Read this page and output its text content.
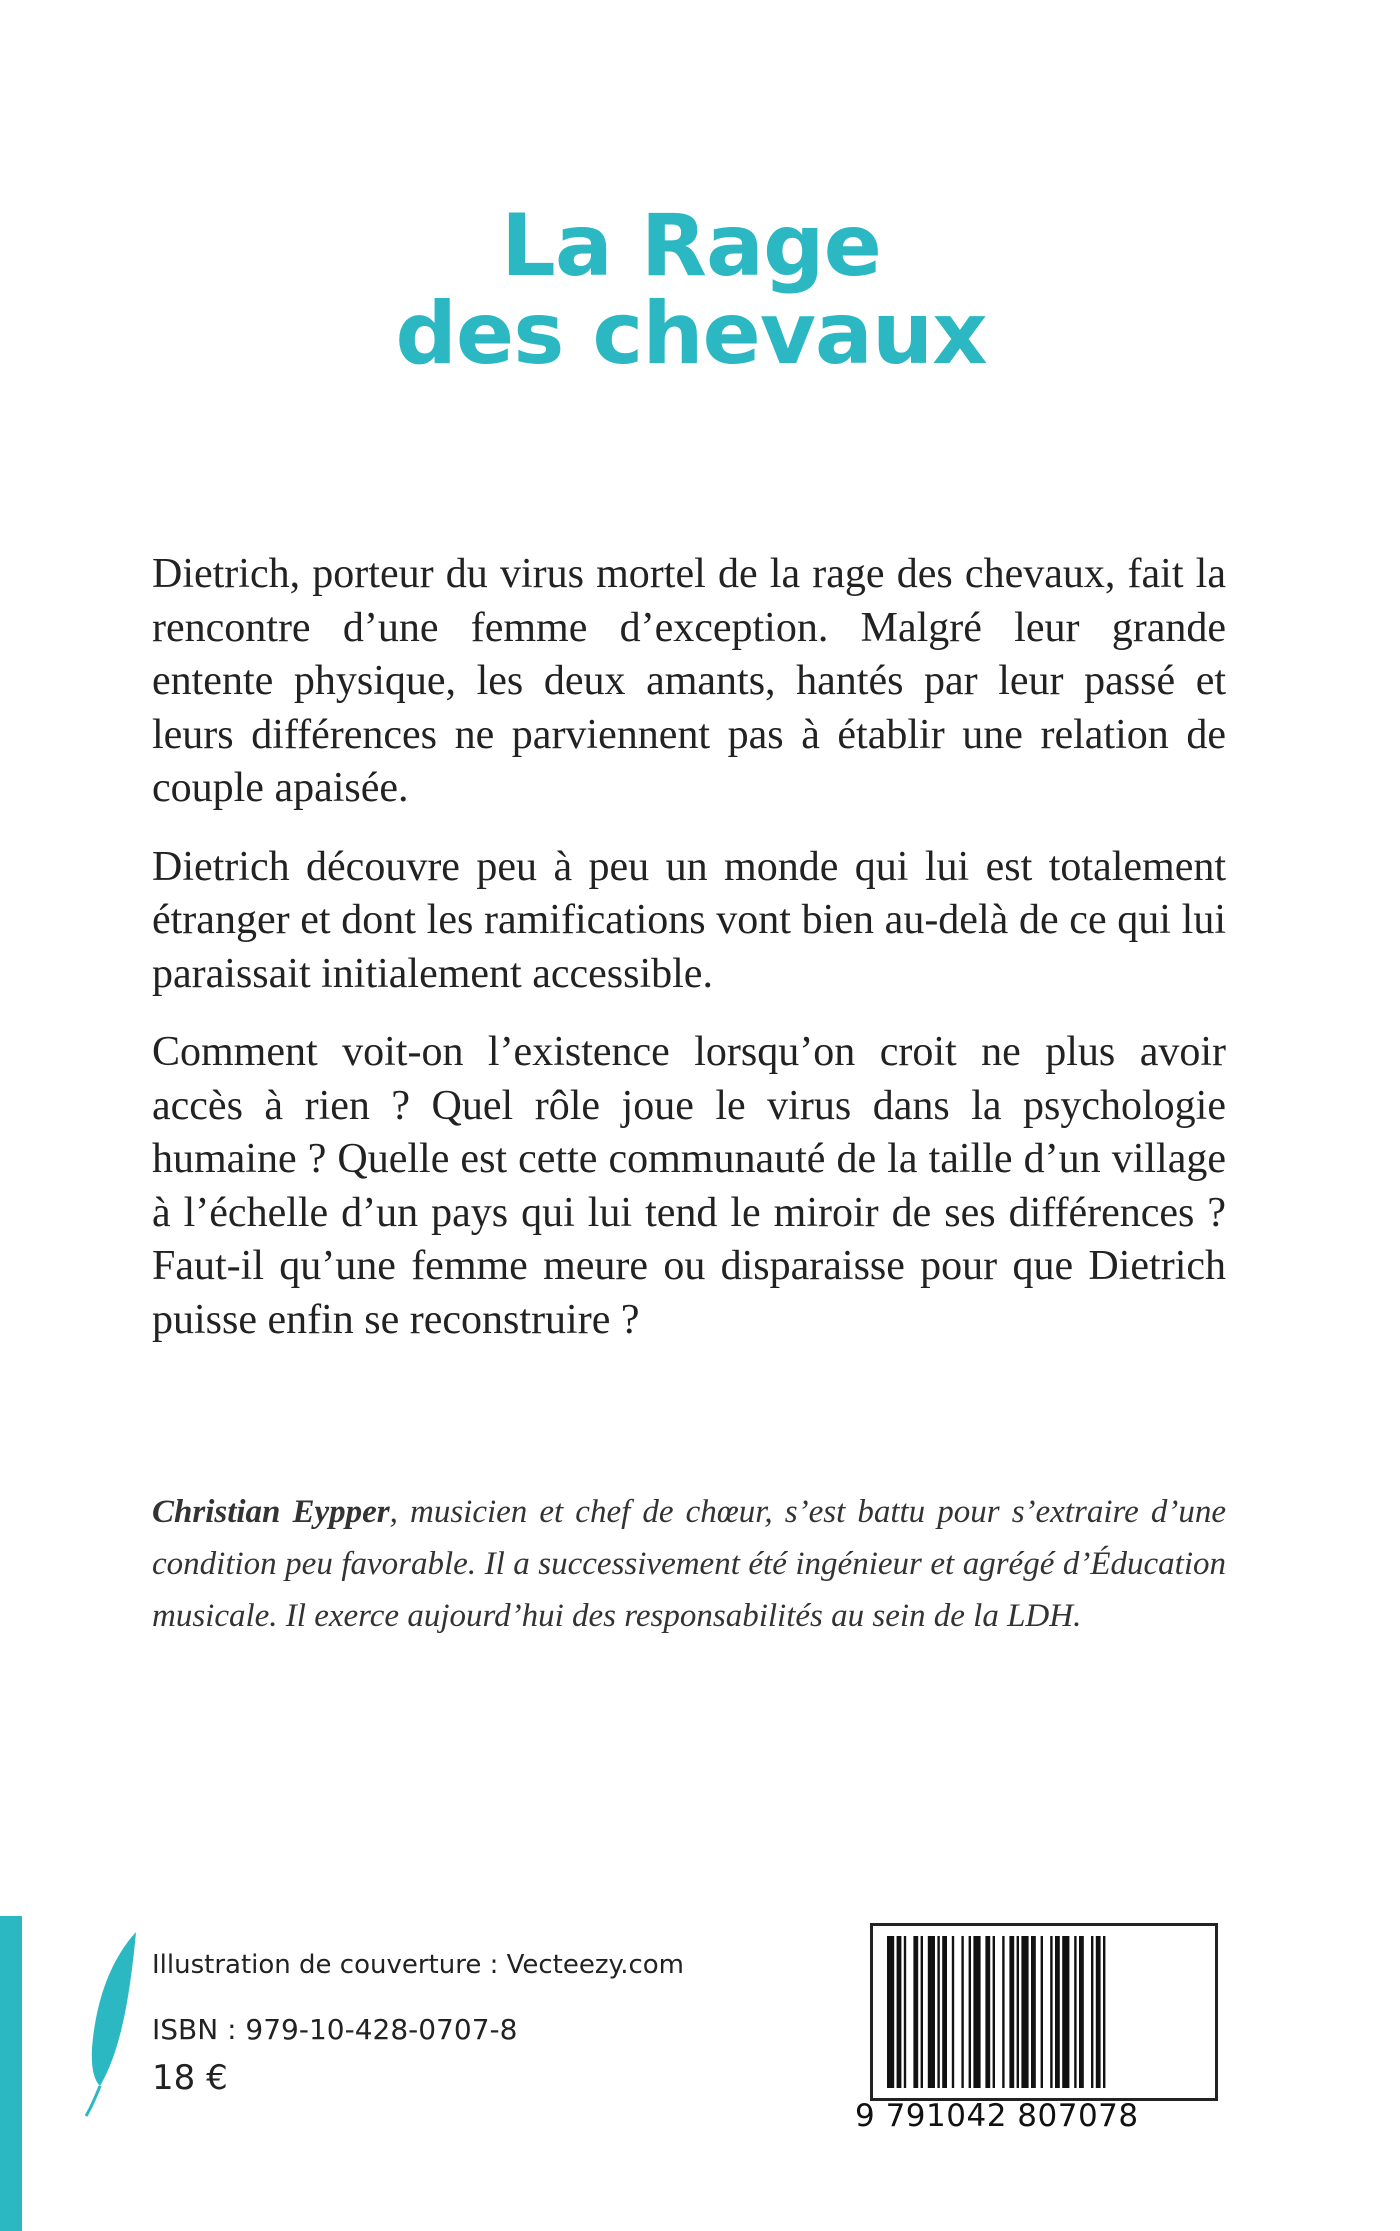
La Rage
des chevaux

Dietrich, porteur du virus mortel de la rage des chevaux, fait la rencontre d’une femme d’exception. Malgré leur grande entente physique, les deux amants, hantés par leur passé et leurs différences ne parviennent pas à établir une relation de couple apaisée.

Dietrich découvre peu à peu un monde qui lui est totalement étranger et dont les ramifications vont bien au-delà de ce qui lui paraissait initialement accessible.

Comment voit-on l’existence lorsqu’on croit ne plus avoir accès à rien ? Quel rôle joue le virus dans la psychologie humaine ? Quelle est cette communauté de la taille d’un village à l’échelle d’un pays qui lui tend le miroir de ses différences ? Faut-il qu’une femme meure ou disparaisse pour que Dietrich puisse enfin se reconstruire ?

Christian Eypper, musicien et chef de chœur, s’est battu pour s’extraire d’une condition peu favorable. Il a successivement été ingénieur et agrégé d’Éducation musicale. Il exerce aujourd’hui des responsabilités au sein de la LDH.

Illustration de couverture : Vecteezy.com
ISBN : 979-10-428-0707-8
18 €
9 791042 807078
